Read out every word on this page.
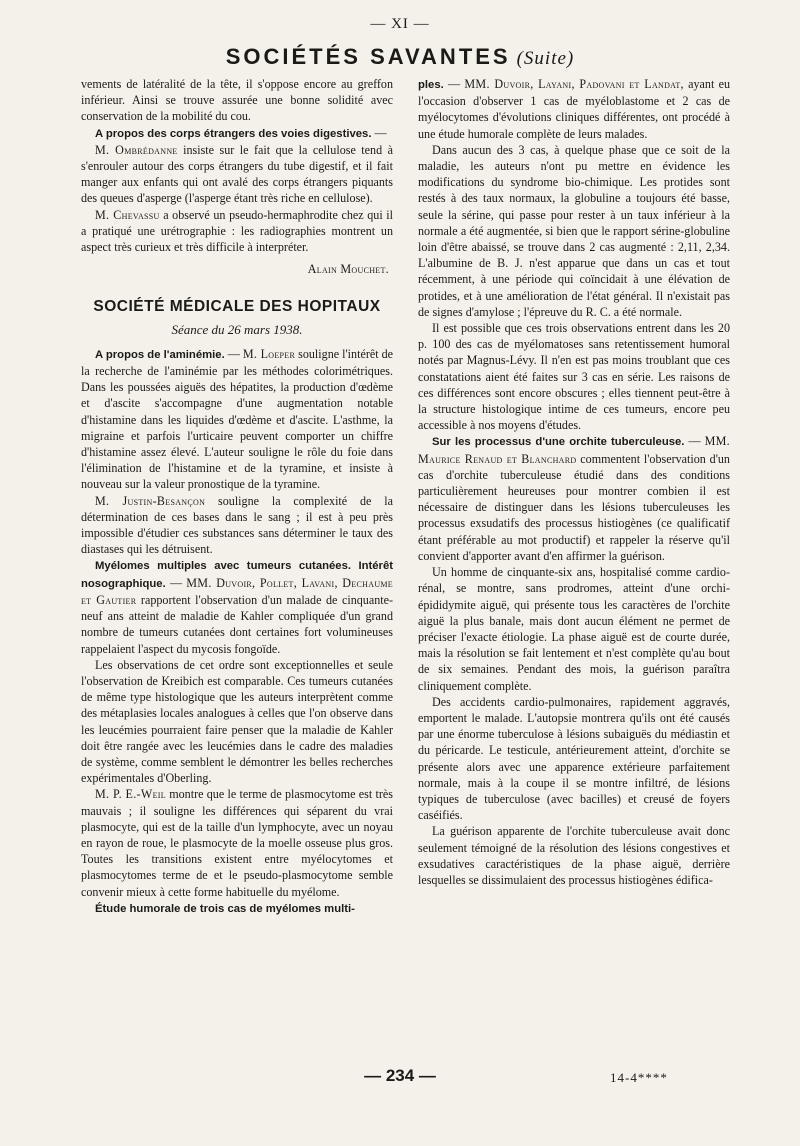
— XI —
SOCIÉTÉS SAVANTES (Suite)

vements de latéralité de la tête, il s'oppose encore au greffon inférieur. Ainsi se trouve assurée une bonne solidité avec conservation de la mobilité du cou.

A propos des corps étrangers des voies digestives. —

M. Ombrédanne insiste sur le fait que la cellulose tend à s'enrouler autour des corps étrangers du tube digestif, et il fait manger aux enfants qui ont avalé des corps étrangers piquants des queues d'asperge (l'asperge étant très riche en cellulose).

M. Chevassu a observé un pseudo-hermaphrodite chez qui il a pratiqué une urétrographie : les radiographies montrent un aspect très curieux et très difficile à interpréter.

Alain Mouchet.
SOCIÉTÉ MÉDICALE DES HOPITAUX
Séance du 26 mars 1938.

A propos de l'aminémie. — M. Loeper souligne l'intérêt de la recherche de l'aminémie par les méthodes colorimétriques. Dans les poussées aiguës des hépatites, la production d'œdème et d'ascite s'accompagne d'une augmentation notable d'histamine dans les liquides d'œdème et d'ascite. L'asthme, la migraine et parfois l'urticaire peuvent comporter un chiffre d'histamine assez élevé. L'auteur souligne le rôle du foie dans l'élimination de l'histamine et de la tyramine, et insiste à nouveau sur la valeur pronostique de la tyramine.

M. Justin-Besançon souligne la complexité de la détermination de ces bases dans le sang ; il est à peu près impossible d'étudier ces substances sans déterminer le taux des diastases qui les détruisent.

Myélomes multiples avec tumeurs cutanées. Intérêt nosographique. — MM. Duvoir, Pollet, Lavani, Dechaume et Gautier rapportent l'observation d'un malade de cinquante-neuf ans atteint de maladie de Kahler compliquée d'un grand nombre de tumeurs cutanées dont certaines fort volumineuses rappelaient l'aspect du mycosis fongoïde.

Les observations de cet ordre sont exceptionnelles et seule l'observation de Kreibich est comparable. Ces tumeurs cutanées de même type histologique que les auteurs interprètent comme des métaplasies locales analogues à celles que l'on observe dans les leucémies pourraient faire penser que la maladie de Kahler doit être rangée avec les leucémies dans le cadre des maladies de système, comme semblent le démontrer les belles recherches expérimentales d'Oberling.

M. P. E.-Weil montre que le terme de plasmocytome est très mauvais ; il souligne les différences qui séparent du vrai plasmocyte, qui est de la taille d'un lymphocyte, avec un noyau en rayon de roue, le plasmocyte de la moelle osseuse plus gros. Toutes les transitions existent entre myélocytomes et plasmocytomes terme de et le pseudo-plasmocytome semble convenir mieux à cette forme habituelle du myélome.

Étude humorale de trois cas de myélomes multi-

ples. — MM. Duvoir, Layani, Padovani et Landat, ayant eu l'occasion d'observer 1 cas de myéloblastome et 2 cas de myélocytomes d'évolutions cliniques différentes, ont procédé à une étude humorale complète de leurs malades.

Dans aucun des 3 cas, à quelque phase que ce soit de la maladie, les auteurs n'ont pu mettre en évidence les modifications du syndrome bio-chimique. Les protides sont restés à des taux normaux, la globuline a toujours été basse, seule la sérine, qui passe pour rester à un taux inférieur à la normale a été augmentée, si bien que le rapport sérine-globuline loin d'être abaissé, se trouve dans 2 cas augmenté : 2,11, 2,34. L'albumine de B. J. n'est apparue que dans un cas et tout récemment, à une période qui coïncidait à une élévation de protides, et à une amélioration de l'état général. Il n'existait pas de signes d'amylose ; l'épreuve du R. C. a été normale.

Il est possible que ces trois observations entrent dans les 20 p. 100 des cas de myélomatoses sans retentissement humoral notés par Magnus-Lévy. Il n'en est pas moins troublant que ces constatations aient été faites sur 3 cas en série. Les raisons de ces différences sont encore obscures ; elles tiennent peut-être à la structure histologique intime de ces tumeurs, encore peu accessible à nos moyens d'études.

Sur les processus d'une orchite tuberculeuse. — MM. Maurice Renaud et Blanchard commentent l'observation d'un cas d'orchite tuberculeuse étudié dans des conditions particulièrement heureuses pour montrer combien il est nécessaire de distinguer dans les lésions tuberculeuses les processus exsudatifs des processus histiogènes (ce qualificatif étant préférable au mot productif) et rappeler la réserve qu'il convient d'apporter avant d'en affirmer la guérison.

Un homme de cinquante-six ans, hospitalisé comme cardio-rénal, se montre, sans prodromes, atteint d'une orchi-épididymite aiguë, qui présente tous les caractères de l'orchite aiguë la plus banale, mais dont aucun élément ne permet de préciser l'exacte étiologie. La phase aiguë est de courte durée, mais la résolution se fait lentement et n'est complète qu'au bout de six semaines. Pendant des mois, la guérison paraîtra cliniquement complète.

Des accidents cardio-pulmonaires, rapidement aggravés, emportent le malade. L'autopsie montrera qu'ils ont été causés par une énorme tuberculose à lésions subaiguës du médiastin et du péricarde. Le testicule, antérieurement atteint, d'orchite se présente alors avec une apparence extérieure parfaitement normale, mais à la coupe il se montre infiltré, de lésions typiques de tuberculose (avec bacilles) et creusé de foyers caséifiés.

La guérison apparente de l'orchite tuberculeuse avait donc seulement témoigné de la résolution des lésions congestives et exsudatives caractéristiques de la phase aiguë, derrière lesquelles se dissimulaient des processus histiogènes édifica-

— 234 —	14-4****
